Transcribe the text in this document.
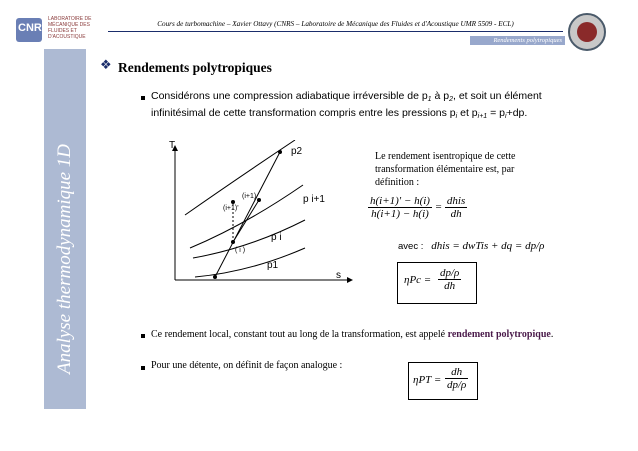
CNRS
LABORATOIRE DE MÉCANIQUE DES FLUIDES ET D'ACOUSTIQUE
Cours de turbomachine – Xavier Ottavy (CNRS – Laboratoire de Mécanique des Fluides et d'Acoustique UMR 5509 - ECL)
Rendements polytropiques
Analyse thermodynamique 1D
❖ Rendements polytropiques
Considérons une compression adiabatique irréversible de $p_1$ à $p_2$, et soit un élément infinitésimal de cette transformation compris entre les pressions $p_i$ et $p_{i+1} = p_i+dp$.
T
s
p2
p i+1
p i
p1
(i+1)
(i+1)'
( i )
Le rendement isentropique de cette transformation élémentaire est, par définition :
$\frac{h(i+1)' - h(i)}{h(i+1) - h(i)} = \frac{\text{dhis}}{dh}$
avec : dhis = dwTis + dq = dp/ρ
$\eta Pc = \frac{dp/\rho}{dh}$
Ce rendement local, constant tout au long de la transformation, est appelé rendement polytropique.
Pour une détente, on définit de façon analogue :
$\eta PT = \frac{dh}{dp/\rho}$
